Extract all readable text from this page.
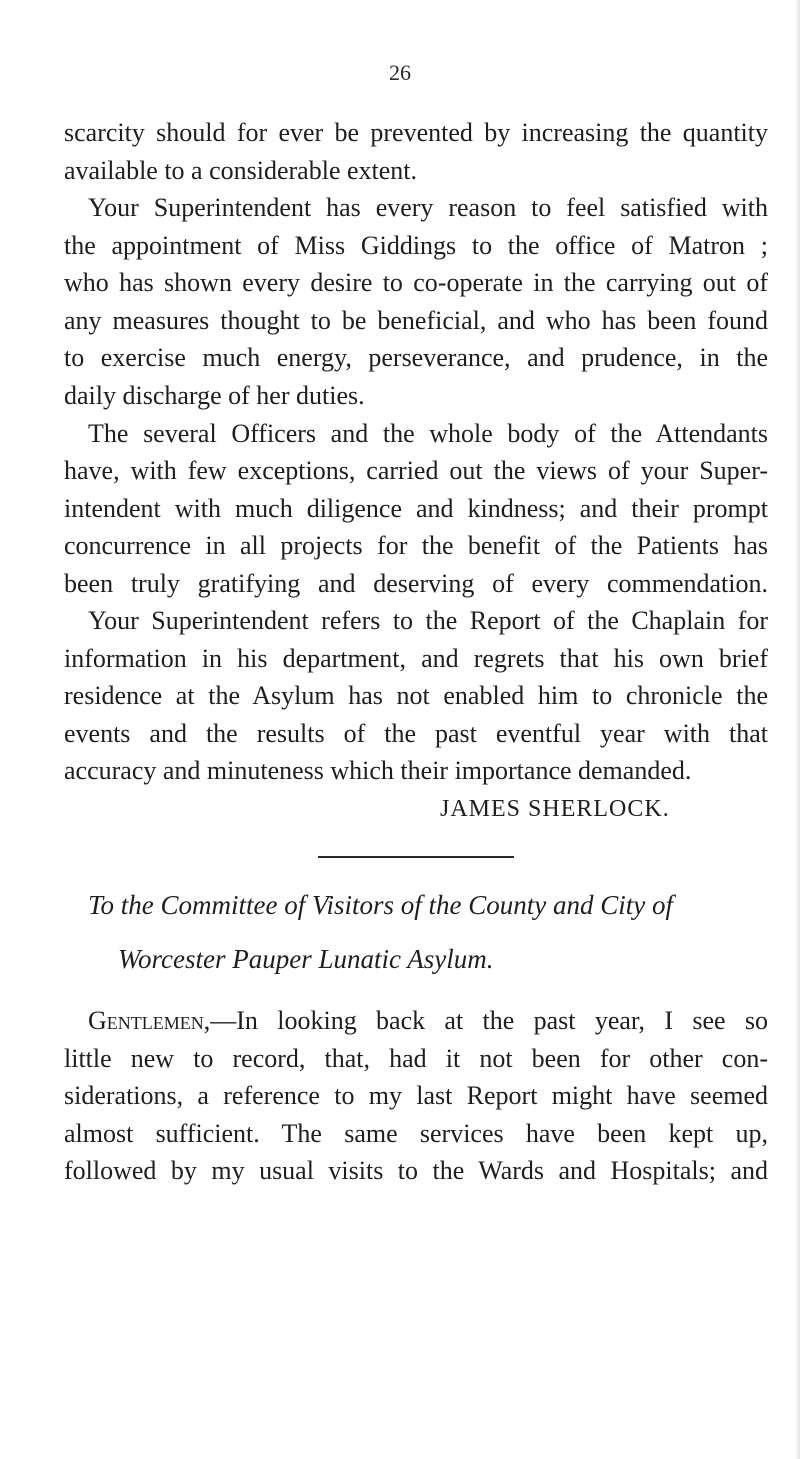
26
scarcity should for ever be prevented by increasing the quantity
available to a considerable extent.
Your Superintendent has every reason to feel satisfied with
the appointment of Miss Giddings to the office of Matron ;
who has shown every desire to co-operate in the carrying out of
any measures thought to be beneficial, and who has been found
to exercise much energy, perseverance, and prudence, in the
daily discharge of her duties.
The several Officers and the whole body of the Attendants
have, with few exceptions, carried out the views of your Super-
intendent with much diligence and kindness; and their prompt
concurrence in all projects for the benefit of the Patients has
been truly gratifying and deserving of every commendation.
Your Superintendent refers to the Report of the Chaplain for
information in his department, and regrets that his own brief
residence at the Asylum has not enabled him to chronicle the
events and the results of the past eventful year with that
accuracy and minuteness which their importance demanded.
JAMES SHERLOCK.
To the Committee of Visitors of the County and City of
Worcester Pauper Lunatic Asylum.
Gentlemen,—In looking back at the past year, I see so
little new to record, that, had it not been for other con-
siderations, a reference to my last Report might have seemed
almost sufficient. The same services have been kept up,
followed by my usual visits to the Wards and Hospitals; and
